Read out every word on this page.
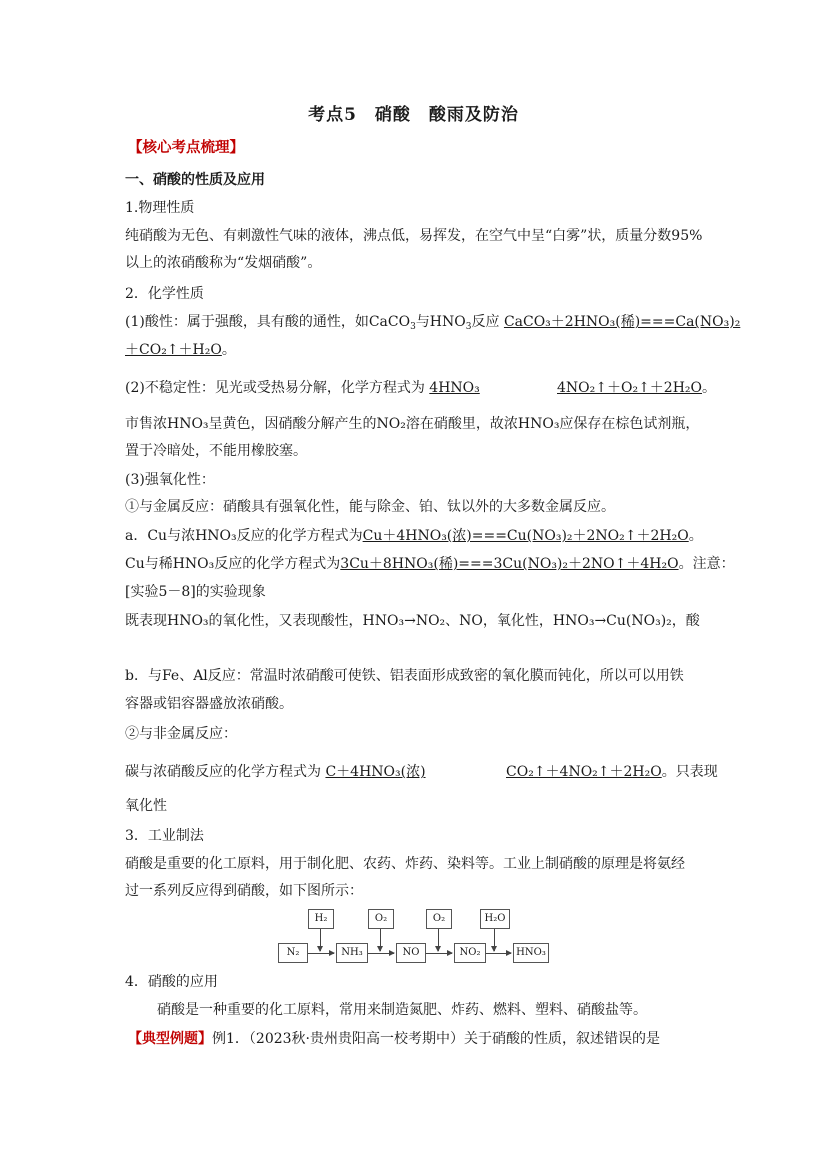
考点5　硝酸　酸雨及防治
【核心考点梳理】
一、硝酸的性质及应用
1.物理性质
纯硝酸为无色、有刺激性气味的液体，沸点低，易挥发，在空气中呈“白雾”状，质量分数95%
以上的浓硝酸称为“发烟硝酸”。
2．化学性质
(1)酸性：属于强酸，具有酸的通性，如CaCO$_3$与$HNO_3$反应 CaCO₃＋2HNO₃(稀)===Ca(NO₃)₂
＋CO₂↑＋H₂O。
(2)不稳定性：见光或受热易分解，化学方程式为 4HNO₃	4NO₂↑＋O₂↑＋2H₂O。
市售浓HNO₃呈黄色，因硝酸分解产生的NO₂溶在硝酸里，故浓HNO₃应保存在棕色试剂瓶，
置于冷暗处，不能用橡胶塞。
(3)强氧化性：
①与金属反应：硝酸具有强氧化性，能与除金、铂、钛以外的大多数金属反应。
a．Cu与浓HNO₃反应的化学方程式为Cu＋4HNO₃(浓)===Cu(NO₃)₂＋2NO₂↑＋2H₂O。
Cu与稀HNO₃反应的化学方程式为3Cu＋8HNO₃(稀)===3Cu(NO₃)₂＋2NO↑＋4H₂O。注意：
[实验5－8]的实验现象
既表现HNO₃的氧化性，又表现酸性，HNO₃→NO₂、NO，氧化性，HNO₃→Cu(NO₃)₂，酸
b．与Fe、Al反应：常温时浓硝酸可使铁、铝表面形成致密的氧化膜而钝化，所以可以用铁
容器或铝容器盛放浓硝酸。
②与非金属反应：
碳与浓硝酸反应的化学方程式为 C＋4HNO₃(浓)	CO₂↑＋4NO₂↑＋2H₂O。只表现
氧化性
3．工业制法
硝酸是重要的化工原料，用于制化肥、农药、炸药、染料等。工业上制硝酸的原理是将氨经
过一系列反应得到硝酸，如下图所示：
N₂	NH₃	NO	NO₂	HNO₃
H₂	O₂	O₂	H₂O
4．硝酸的应用
硝酸是一种重要的化工原料，常用来制造氮肥、炸药、燃料、塑料、硝酸盐等。
【典型例题】例1．（2023秋·贵州贵阳高一校考期中）关于硝酸的性质，叙述错误的是
